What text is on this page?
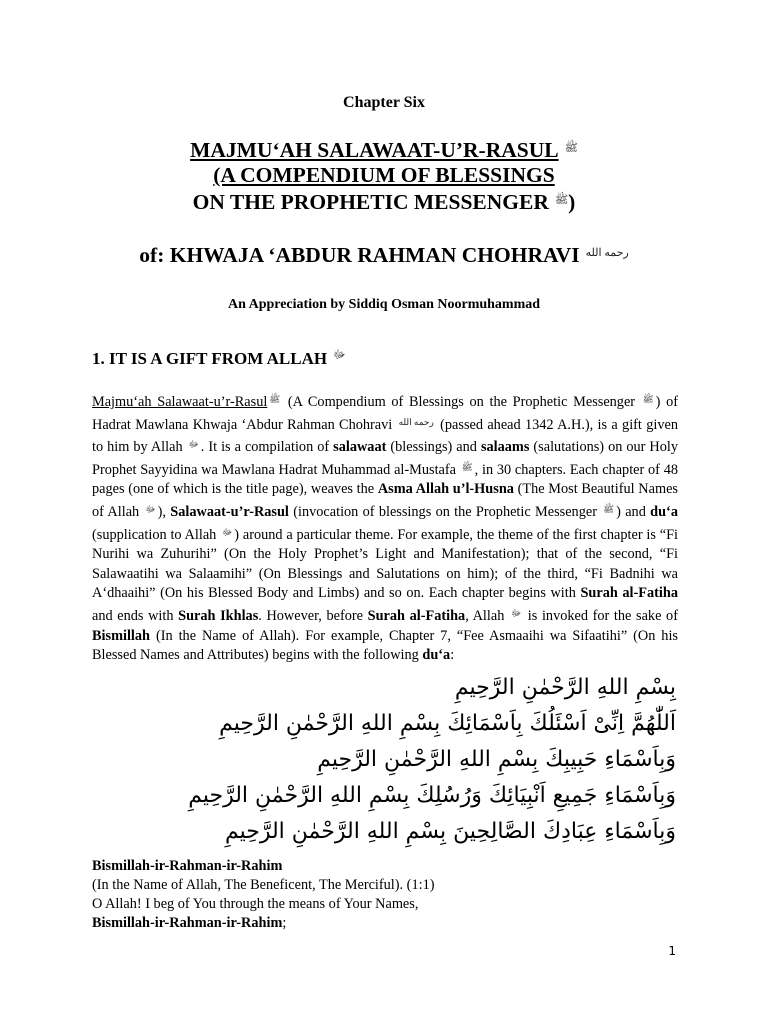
Chapter Six
MAJMU‘AH SALAWAAT-U’R-RASUL ﷺ
(A COMPENDIUM OF BLESSINGS
ON THE PROPHETIC MESSENGER ﷺ)
of: KHWAJA ‘ABDUR RAHMAN CHOHRAVI رحمه الله
An Appreciation by Siddiq Osman Noormuhammad
1. IT IS A GIFT FROM ALLAH ﷻ
Majmu‘ah Salawaat-u’r-Rasul ﷺ (A Compendium of Blessings on the Prophetic Messenger ﷺ ) of Hadrat Mawlana Khwaja ‘Abdur Rahman Chohravi رحمه الله (passed ahead 1342 A.H.), is a gift given to him by Allah ﷻ . It is a compilation of salawaat (blessings) and salaams (salutations) on our Holy Prophet Sayyidina wa Mawlana Hadrat Muhammad al-Mustafa ﷺ , in 30 chapters. Each chapter of 48 pages (one of which is the title page), weaves the Asma Allah u’l-Husna (The Most Beautiful Names of Allah ﷻ ), Salawaat-u’r-Rasul (invocation of blessings on the Prophetic Messenger ﷺ ) and du‘a (supplication to Allah ﷻ ) around a particular theme. For example, the theme of the first chapter is “Fi Nurihi wa Zuhurihi” (On the Holy Prophet’s Light and Manifestation); that of the second, “Fi Salawaatihi wa Salaamihi” (On Blessings and Salutations on him); of the third, “Fi Badnihi wa A‘dhaaihi” (On his Blessed Body and Limbs) and so on. Each chapter begins with Surah al-Fatiha and ends with Surah Ikhlas. However, before Surah al-Fatiha, Allah ﷻ is invoked for the sake of Bismillah (In the Name of Allah). For example, Chapter 7, “Fee Asmaaihi wa Sifaatihi” (On his Blessed Names and Attributes) begins with the following du‘a:
بِسْمِ اللهِ الرَّحْمٰنِ الرَّحِيمِ
اَللّٰهُمَّ اِنِّیْ اَسْئَلُكَ بِاَسْمَائِكَ بِسْمِ اللهِ الرَّحْمٰنِ الرَّحِيمِ
وَبِاَسْمَاءِ حَبِيبِكَ بِسْمِ اللهِ الرَّحْمٰنِ الرَّحِيمِ
وَبِاَسْمَاءِ جَمِيعِ اَنْبِيَائِكَ وَرُسُلِكَ بِسْمِ اللهِ الرَّحْمٰنِ الرَّحِيمِ
وَبِاَسْمَاءِ عِبَادِكَ الصَّالِحِينَ بِسْمِ اللهِ الرَّحْمٰنِ الرَّحِيمِ
Bismillah-ir-Rahman-ir-Rahim
(In the Name of Allah, The Beneficent, The Merciful). (1:1)
O Allah! I beg of You through the means of Your Names,
Bismillah-ir-Rahman-ir-Rahim;
1
